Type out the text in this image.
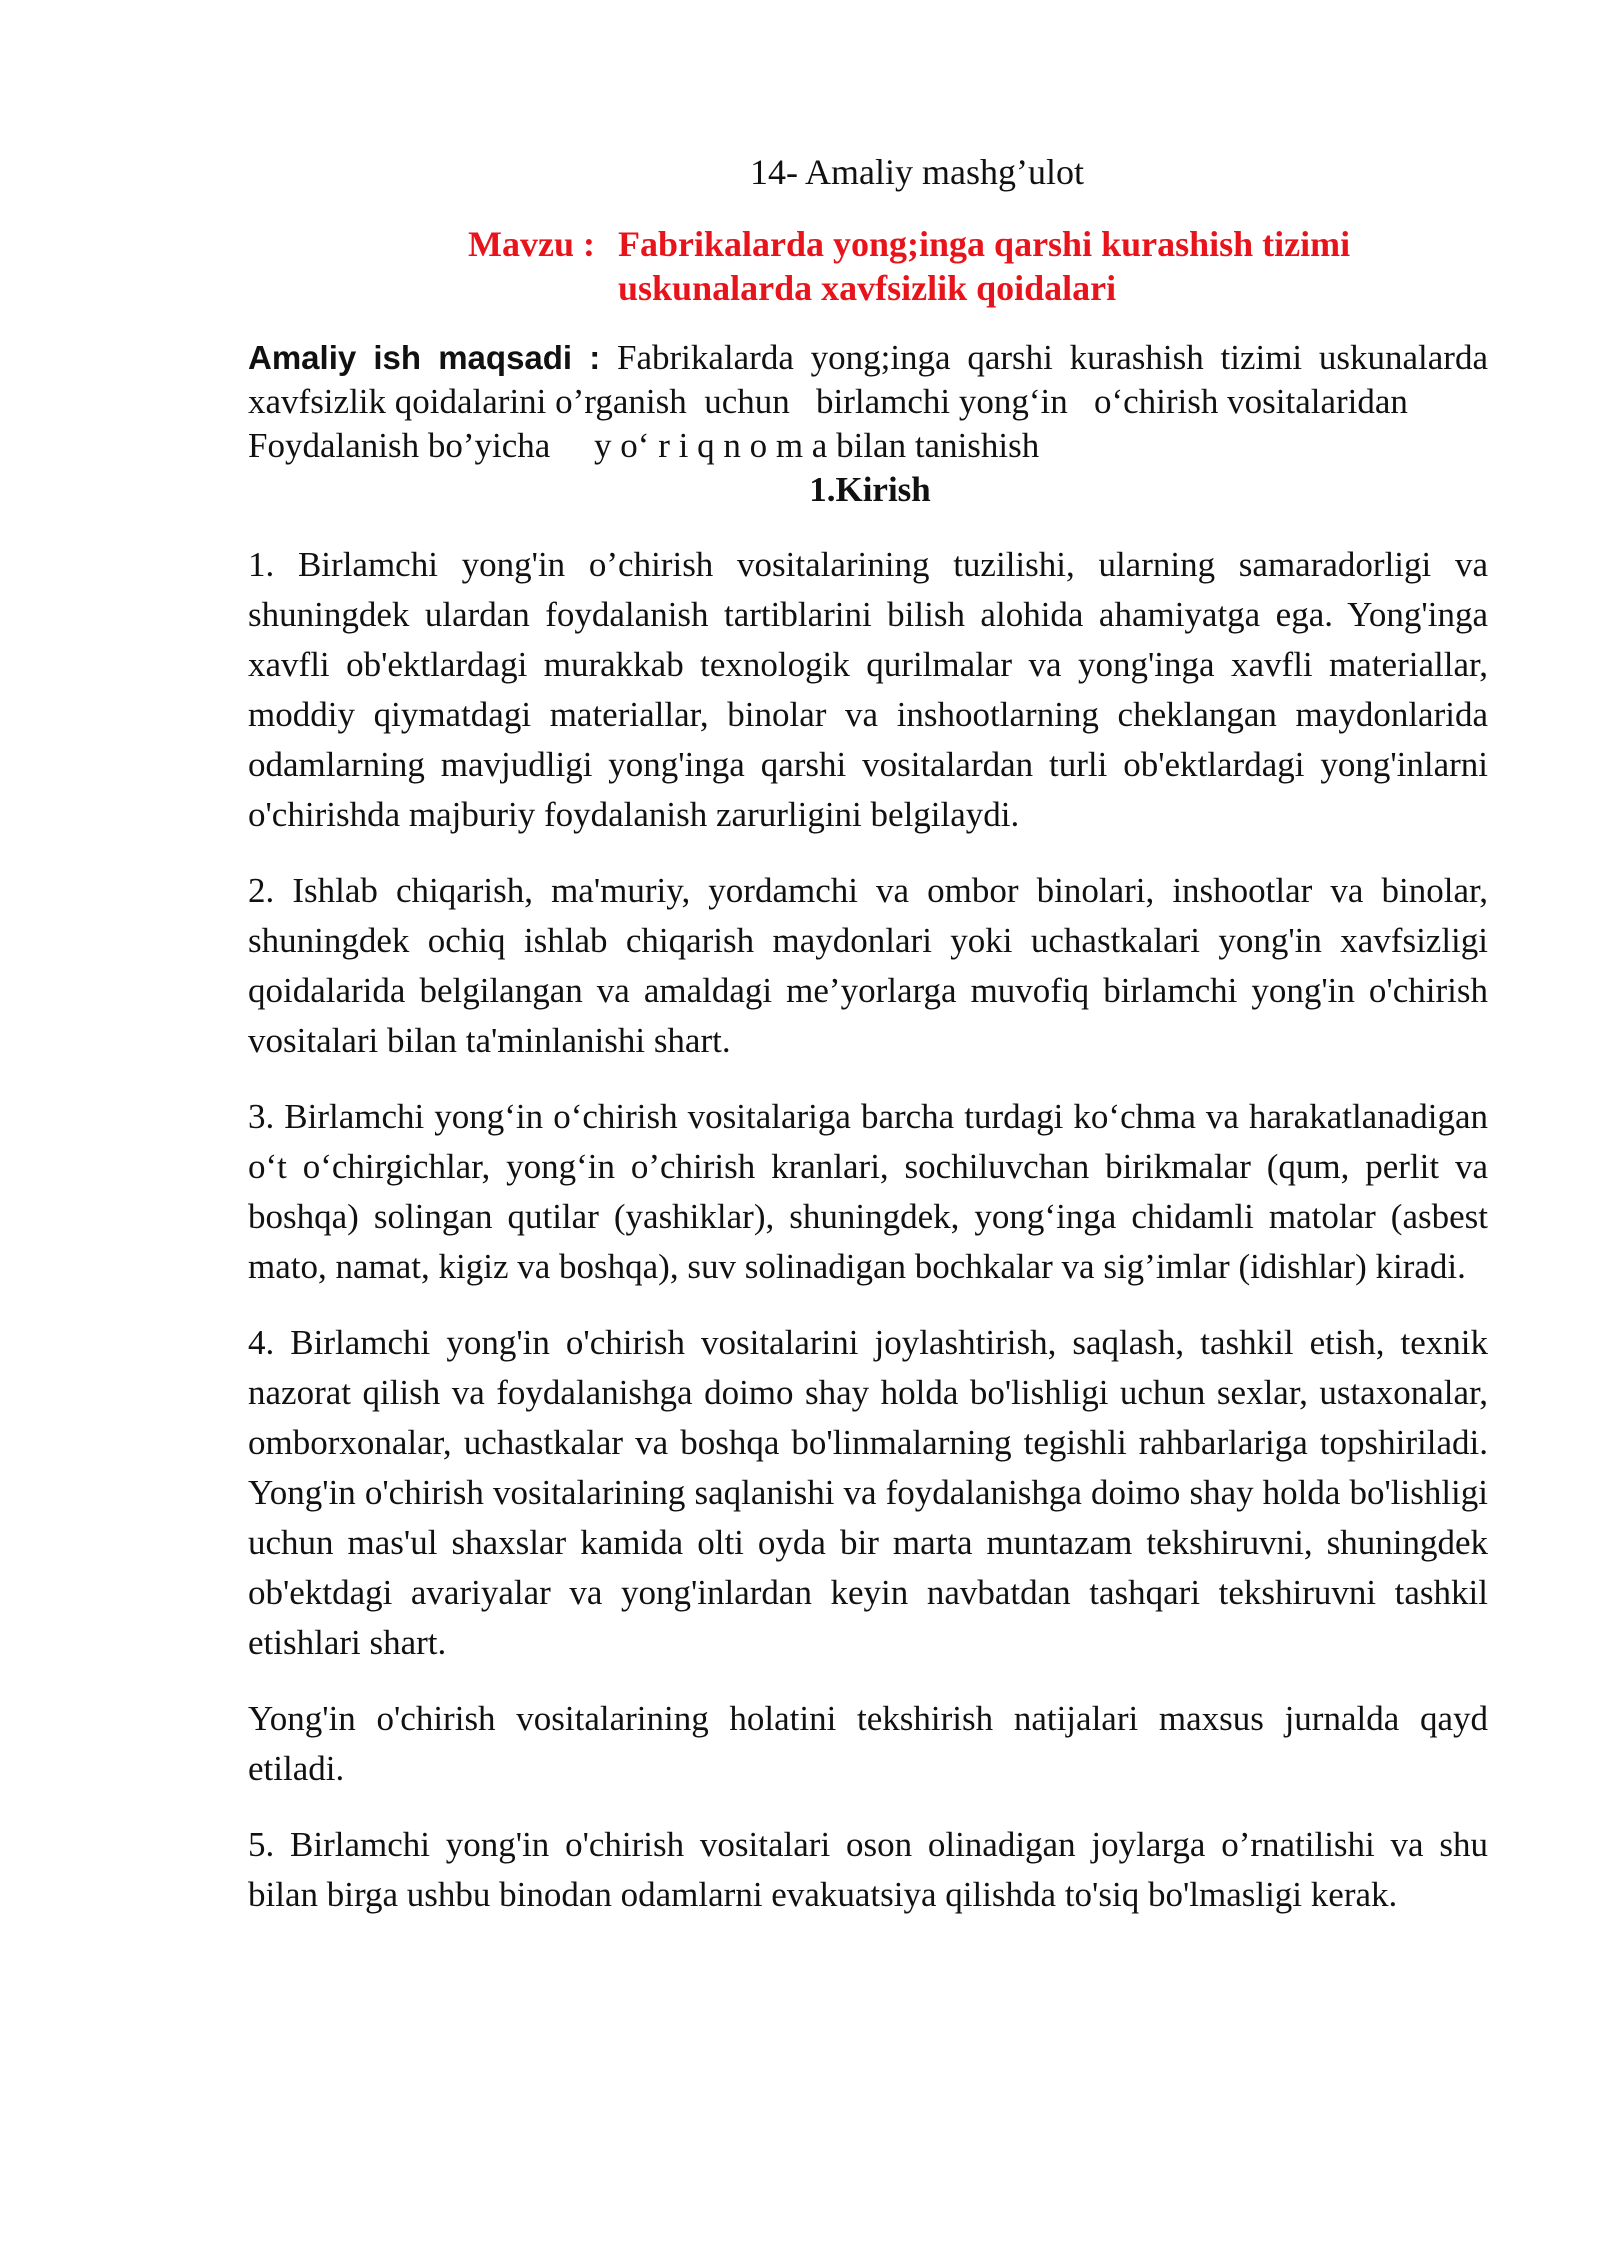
14- Amaliy mashg’ulot
Mavzu : Fabrikalarda yong;inga qarshi kurashish tizimi
uskunalarda xavfsizlik qoidalari
Amaliy ish maqsadi : Fabrikalarda yong;inga qarshi kurashish tizimi uskunalarda
xavfsizlik qoidalarini o’rganish  uchun   birlamchi yong‘in   o‘chirish vositalaridan
Foydalanish bo’yicha     y o‘ r i q n o m a bilan tanishish
1.Kirish

1. Birlamchi yong'in o’chirish vositalarining tuzilishi, ularning samaradorligi va shuningdek ulardan foydalanish tartiblarini bilish alohida ahamiyatga ega. Yong'inga xavfli ob'ektlardagi murakkab texnologik qurilmalar va yong'inga xavfli materiallar, moddiy qiymatdagi materiallar, binolar va inshootlarning cheklangan maydonlarida odamlarning mavjudligi yong'inga qarshi vositalardan turli ob'ektlardagi yong'inlarni o'chirishda majburiy foydalanish zarurligini belgilaydi.

2. Ishlab chiqarish, ma'muriy, yordamchi va ombor binolari, inshootlar va binolar, shuningdek ochiq ishlab chiqarish maydonlari yoki uchastkalari yong'in xavfsizligi qoidalarida belgilangan va amaldagi me’yorlarga muvofiq birlamchi yong'in o'chirish vositalari bilan ta'minlanishi shart.

3. Birlamchi yong‘in o‘chirish vositalariga barcha turdagi ko‘chma va harakatlanadigan o‘t o‘chirgichlar, yong‘in o’chirish kranlari, sochiluvchan birikmalar (qum, perlit va boshqa) solingan qutilar (yashiklar), shuningdek, yong‘inga chidamli matolar (asbest mato, namat, kigiz va boshqa), suv solinadigan bochkalar va sig’imlar (idishlar) kiradi.

4. Birlamchi yong'in o'chirish vositalarini joylashtirish, saqlash, tashkil etish, texnik nazorat qilish va foydalanishga doimo shay holda bo'lishligi uchun sexlar, ustaxonalar, omborxonalar, uchastkalar va boshqa bo'linmalarning tegishli rahbarlariga topshiriladi. Yong'in o'chirish vositalarining saqlanishi va foydalanishga doimo shay holda bo'lishligi uchun mas'ul shaxslar kamida olti oyda bir marta muntazam tekshiruvni, shuningdek ob'ektdagi avariyalar va yong'inlardan keyin navbatdan tashqari tekshiruvni tashkil etishlari shart.

Yong'in o'chirish vositalarining holatini tekshirish natijalari maxsus jurnalda qayd etiladi.

5. Birlamchi yong'in o'chirish vositalari oson olinadigan joylarga o’rnatilishi va shu bilan birga ushbu binodan odamlarni evakuatsiya qilishda to'siq bo'lmasligi kerak.
